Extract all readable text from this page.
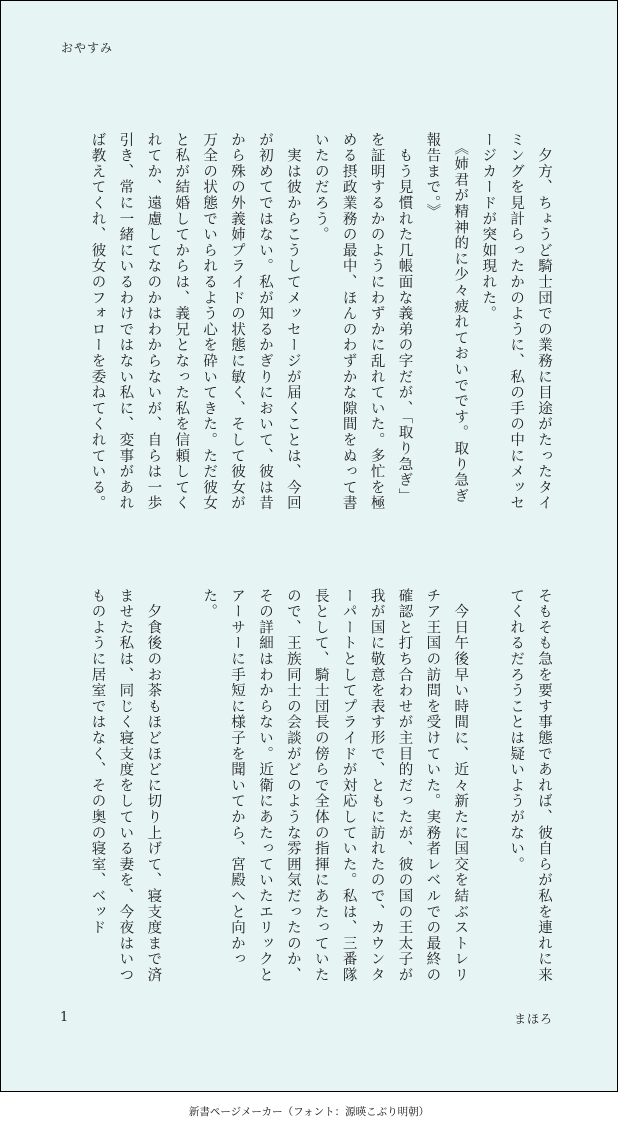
おやすみ
　夕方、ちょうど騎士団での業務に目途がたったタイミングを見計らったかのように、私の手の中にメッセージカードが突如現れた。
　《姉君が精神的に少々疲れておいでです。取り急ぎ報告まで。》
　もう見慣れた几帳面な義弟の字だが、「取り急ぎ」を証明するかのようにわずかに乱れていた。多忙を極める摂政業務の最中、ほんのわずかな隙間をぬって書いたのだろう。
　実は彼からこうしてメッセージが届くことは、今回が初めてではない。私が知るかぎりにおいて、彼は昔から殊の外義姉プライドの状態に敏く、そして彼女が万全の状態でいられるよう心を砕いてきた。ただ彼女と私が結婚してからは、義兄となった私を信頼してくれてか、遠慮してなのかはわからないが、自らは一歩引き、常に一緒にいるわけではない私に、変事があれば教えてくれ、彼女のフォローを委ねてくれている。
そもそも急を要す事態であれば、彼自らが私を連れに来てくれるだろうことは疑いようがない。

　今日午後早い時間に、近々新たに国交を結ぶストレリチア王国の訪問を受けていた。実務者レベルでの最終の確認と打ち合わせが主目的だったが、彼の国の王太子が我が国に敬意を表す形で、ともに訪れたので、カウンターパートとしてプライドが対応していた。私は、三番隊長として、騎士団長の傍らで全体の指揮にあたっていたので、王族同士の会談がどのような雰囲気だったのか、その詳細はわからない。近衛にあたっていたエリックとアーサーに手短に様子を聞いてから、宮殿へと向かった。

　夕食後のお茶もほどほどに切り上げて、寝支度まで済ませた私は、同じく寝支度をしている妻を、今夜はいつものように居室ではなく、その奥の寝室、ベッド
1	まほろ
新書ページメーカー（フォント：源暎こぶり明朝）
